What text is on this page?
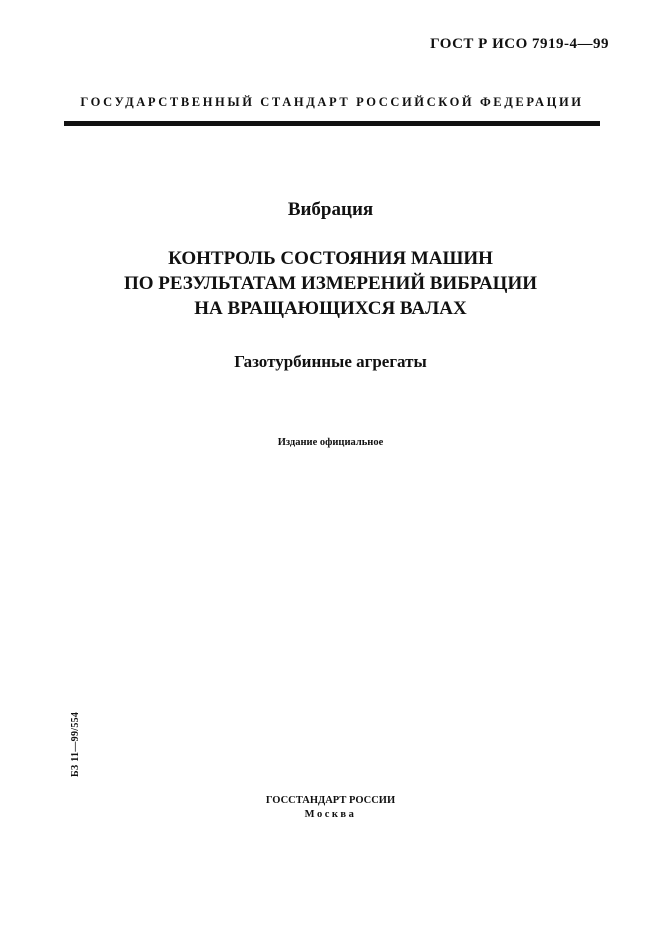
ГОСТ Р ИСО 7919-4—99
ГОСУДАРСТВЕННЫЙ СТАНДАРТ РОССИЙСКОЙ ФЕДЕРАЦИИ
Вибрация
КОНТРОЛЬ СОСТОЯНИЯ МАШИН
ПО РЕЗУЛЬТАТАМ ИЗМЕРЕНИЙ ВИБРАЦИИ
НА ВРАЩАЮЩИХСЯ ВАЛАХ
Газотурбинные агрегаты
Издание официальное
БЗ 11—99/554
ГОССТАНДАРТ РОССИИ
Москва
